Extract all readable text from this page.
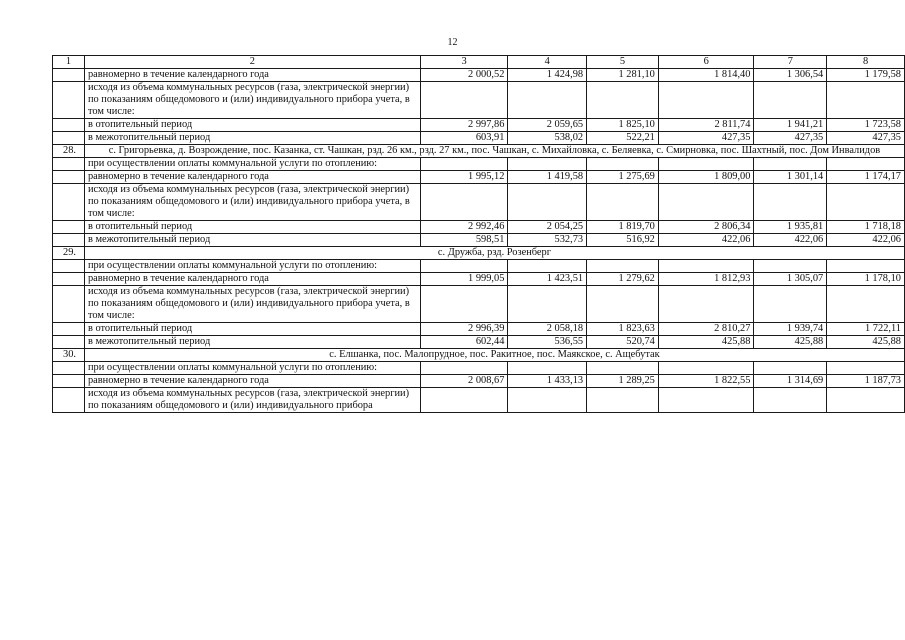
12
1	2	3	4	5	6	7	8
	равномерно в течение календарного года	2 000,52	1 424,98	1 281,10	1 814,40	1 306,54	1 179,58
	исходя из объема коммунальных ресурсов (газа, электрической энергии) по показаниям общедомового и (или) индивидуального прибора учета, в том числе:						
	в отопительный период	2 997,86	2 059,65	1 825,10	2 811,74	1 941,21	1 723,58
	в межотопительный период	603,91	538,02	522,21	427,35	427,35	427,35
28.	с. Григорьевка, д. Возрождение, пос. Казанка, ст. Чашкан, рзд. 26 км., рзд. 27 км., пос. Чашкан, с. Михайловка, с. Беляевка, с. Смирновка, пос. Шахтный, пос. Дом Инвалидов						
	при осуществлении оплаты коммунальной услуги по отоплению:						
	равномерно в течение календарного года	1 995,12	1 419,58	1 275,69	1 809,00	1 301,14	1 174,17
	исходя из объема коммунальных ресурсов (газа, электрической энергии) по показаниям общедомового и (или) индивидуального прибора учета, в том числе:						
	в отопительный период	2 992,46	2 054,25	1 819,70	2 806,34	1 935,81	1 718,18
	в межотопительный период	598,51	532,73	516,92	422,06	422,06	422,06
29.	с. Дружба, рзд. Розенберг						
	при осуществлении оплаты коммунальной услуги по отоплению:						
	равномерно в течение календарного года	1 999,05	1 423,51	1 279,62	1 812,93	1 305,07	1 178,10
	исходя из объема коммунальных ресурсов (газа, электрической энергии) по показаниям общедомового и (или) индивидуального прибора учета, в том числе:						
	в отопительный период	2 996,39	2 058,18	1 823,63	2 810,27	1 939,74	1 722,11
	в межотопительный период	602,44	536,55	520,74	425,88	425,88	425,88
30.	с. Елшанка, пос. Малопрудное, пос. Ракитное, пос. Маякское, с. Ащебутак						
	при осуществлении оплаты коммунальной услуги по отоплению:						
	равномерно в течение календарного года	2 008,67	1 433,13	1 289,25	1 822,55	1 314,69	1 187,73
	исходя из объема коммунальных ресурсов (газа, электрической энергии) по показаниям общедомового и (или) индивидуального прибора						
